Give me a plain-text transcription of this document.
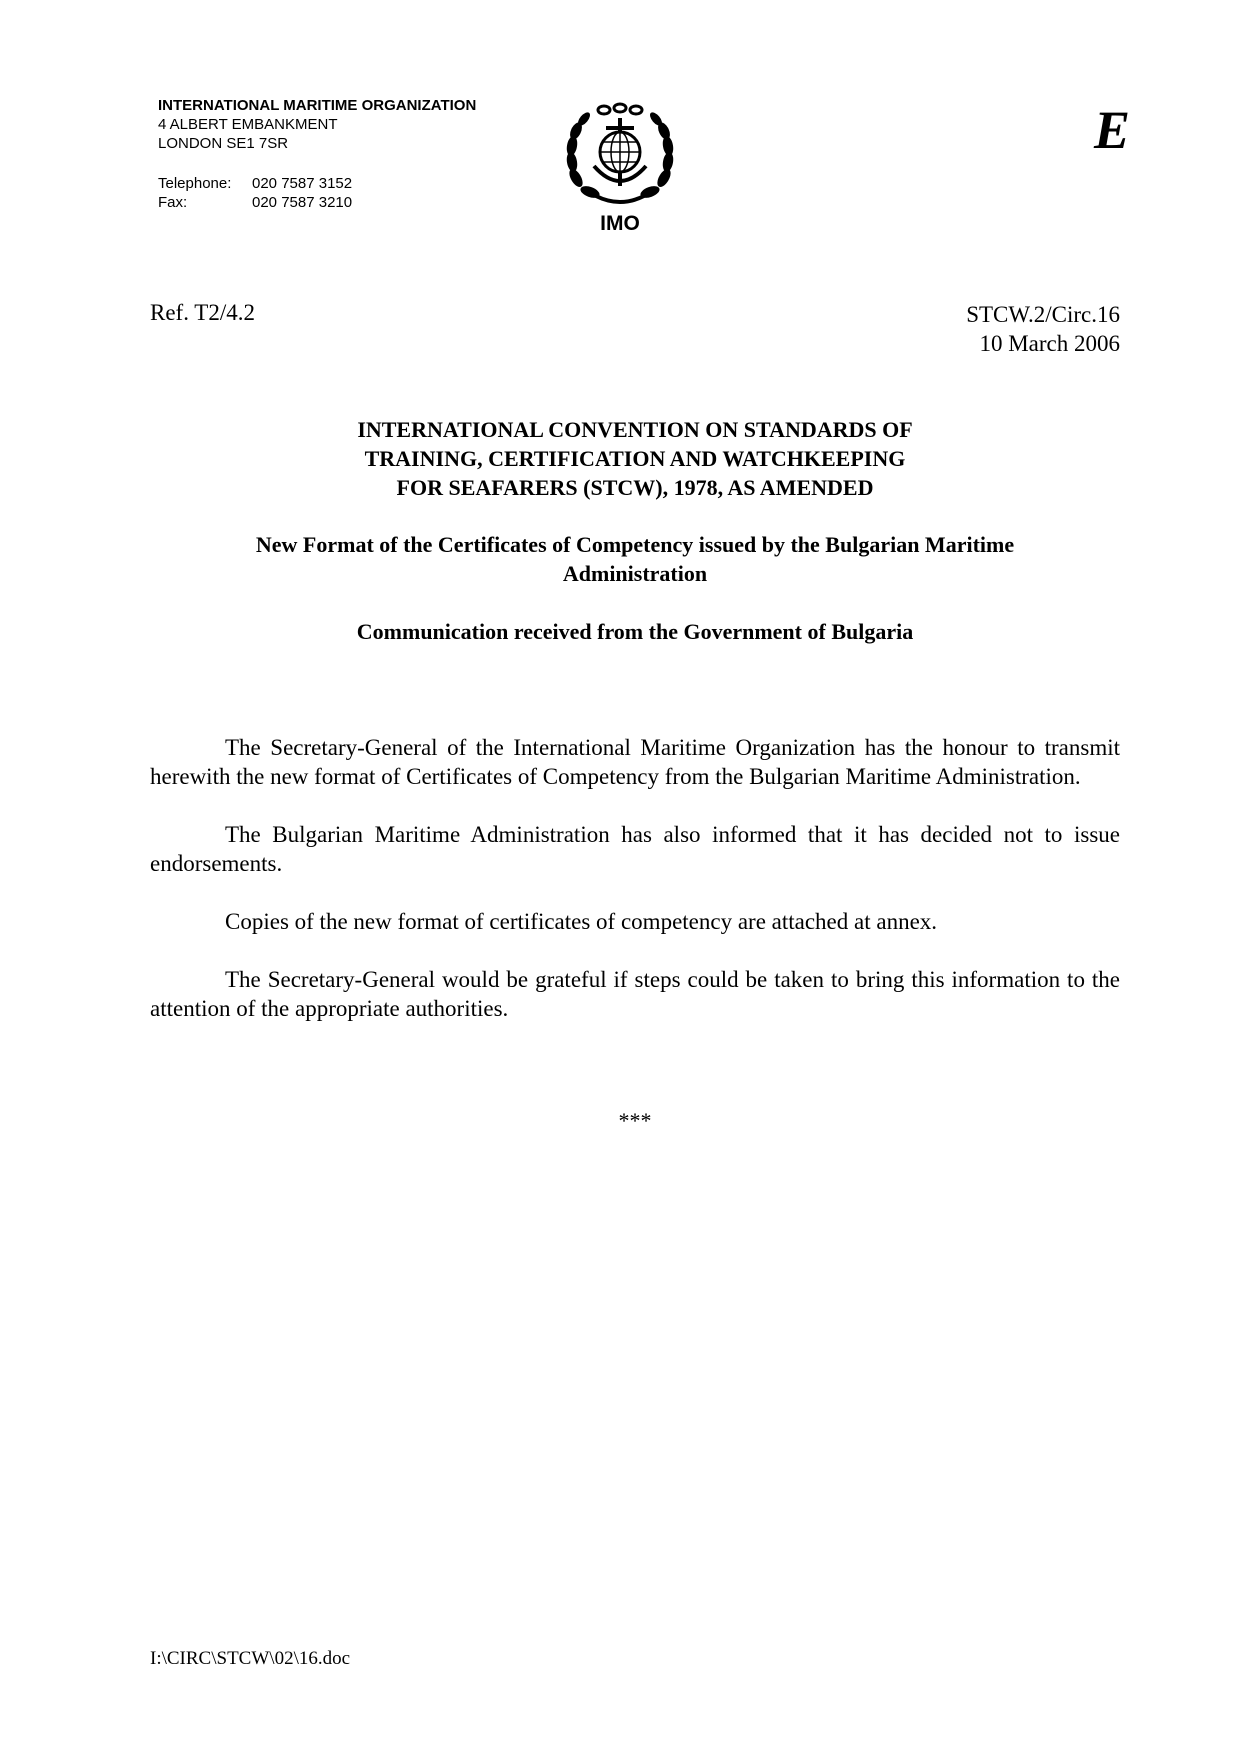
INTERNATIONAL MARITIME ORGANIZATION
4 ALBERT EMBANKMENT
LONDON SE1 7SR
Telephone:	020 7587 3152
Fax:	020 7587 3210
IMO
E
Ref. T2/4.2	STCW.2/Circ.16
10 March 2006
INTERNATIONAL CONVENTION ON STANDARDS OF
TRAINING, CERTIFICATION AND WATCHKEEPING
FOR SEAFARERS (STCW), 1978, AS AMENDED
New Format of the Certificates of Competency issued by the Bulgarian Maritime
Administration
Communication received from the Government of Bulgaria

The Secretary-General of the International Maritime Organization has the honour to transmit herewith the new format of Certificates of Competency from the Bulgarian Maritime Administration.

The Bulgarian Maritime Administration has also informed that it has decided not to issue endorsements.

Copies of the new format of certificates of competency are attached at annex.

The Secretary-General would be grateful if steps could be taken to bring this information to the attention of the appropriate authorities.

***
I:\CIRC\STCW\02\16.doc
